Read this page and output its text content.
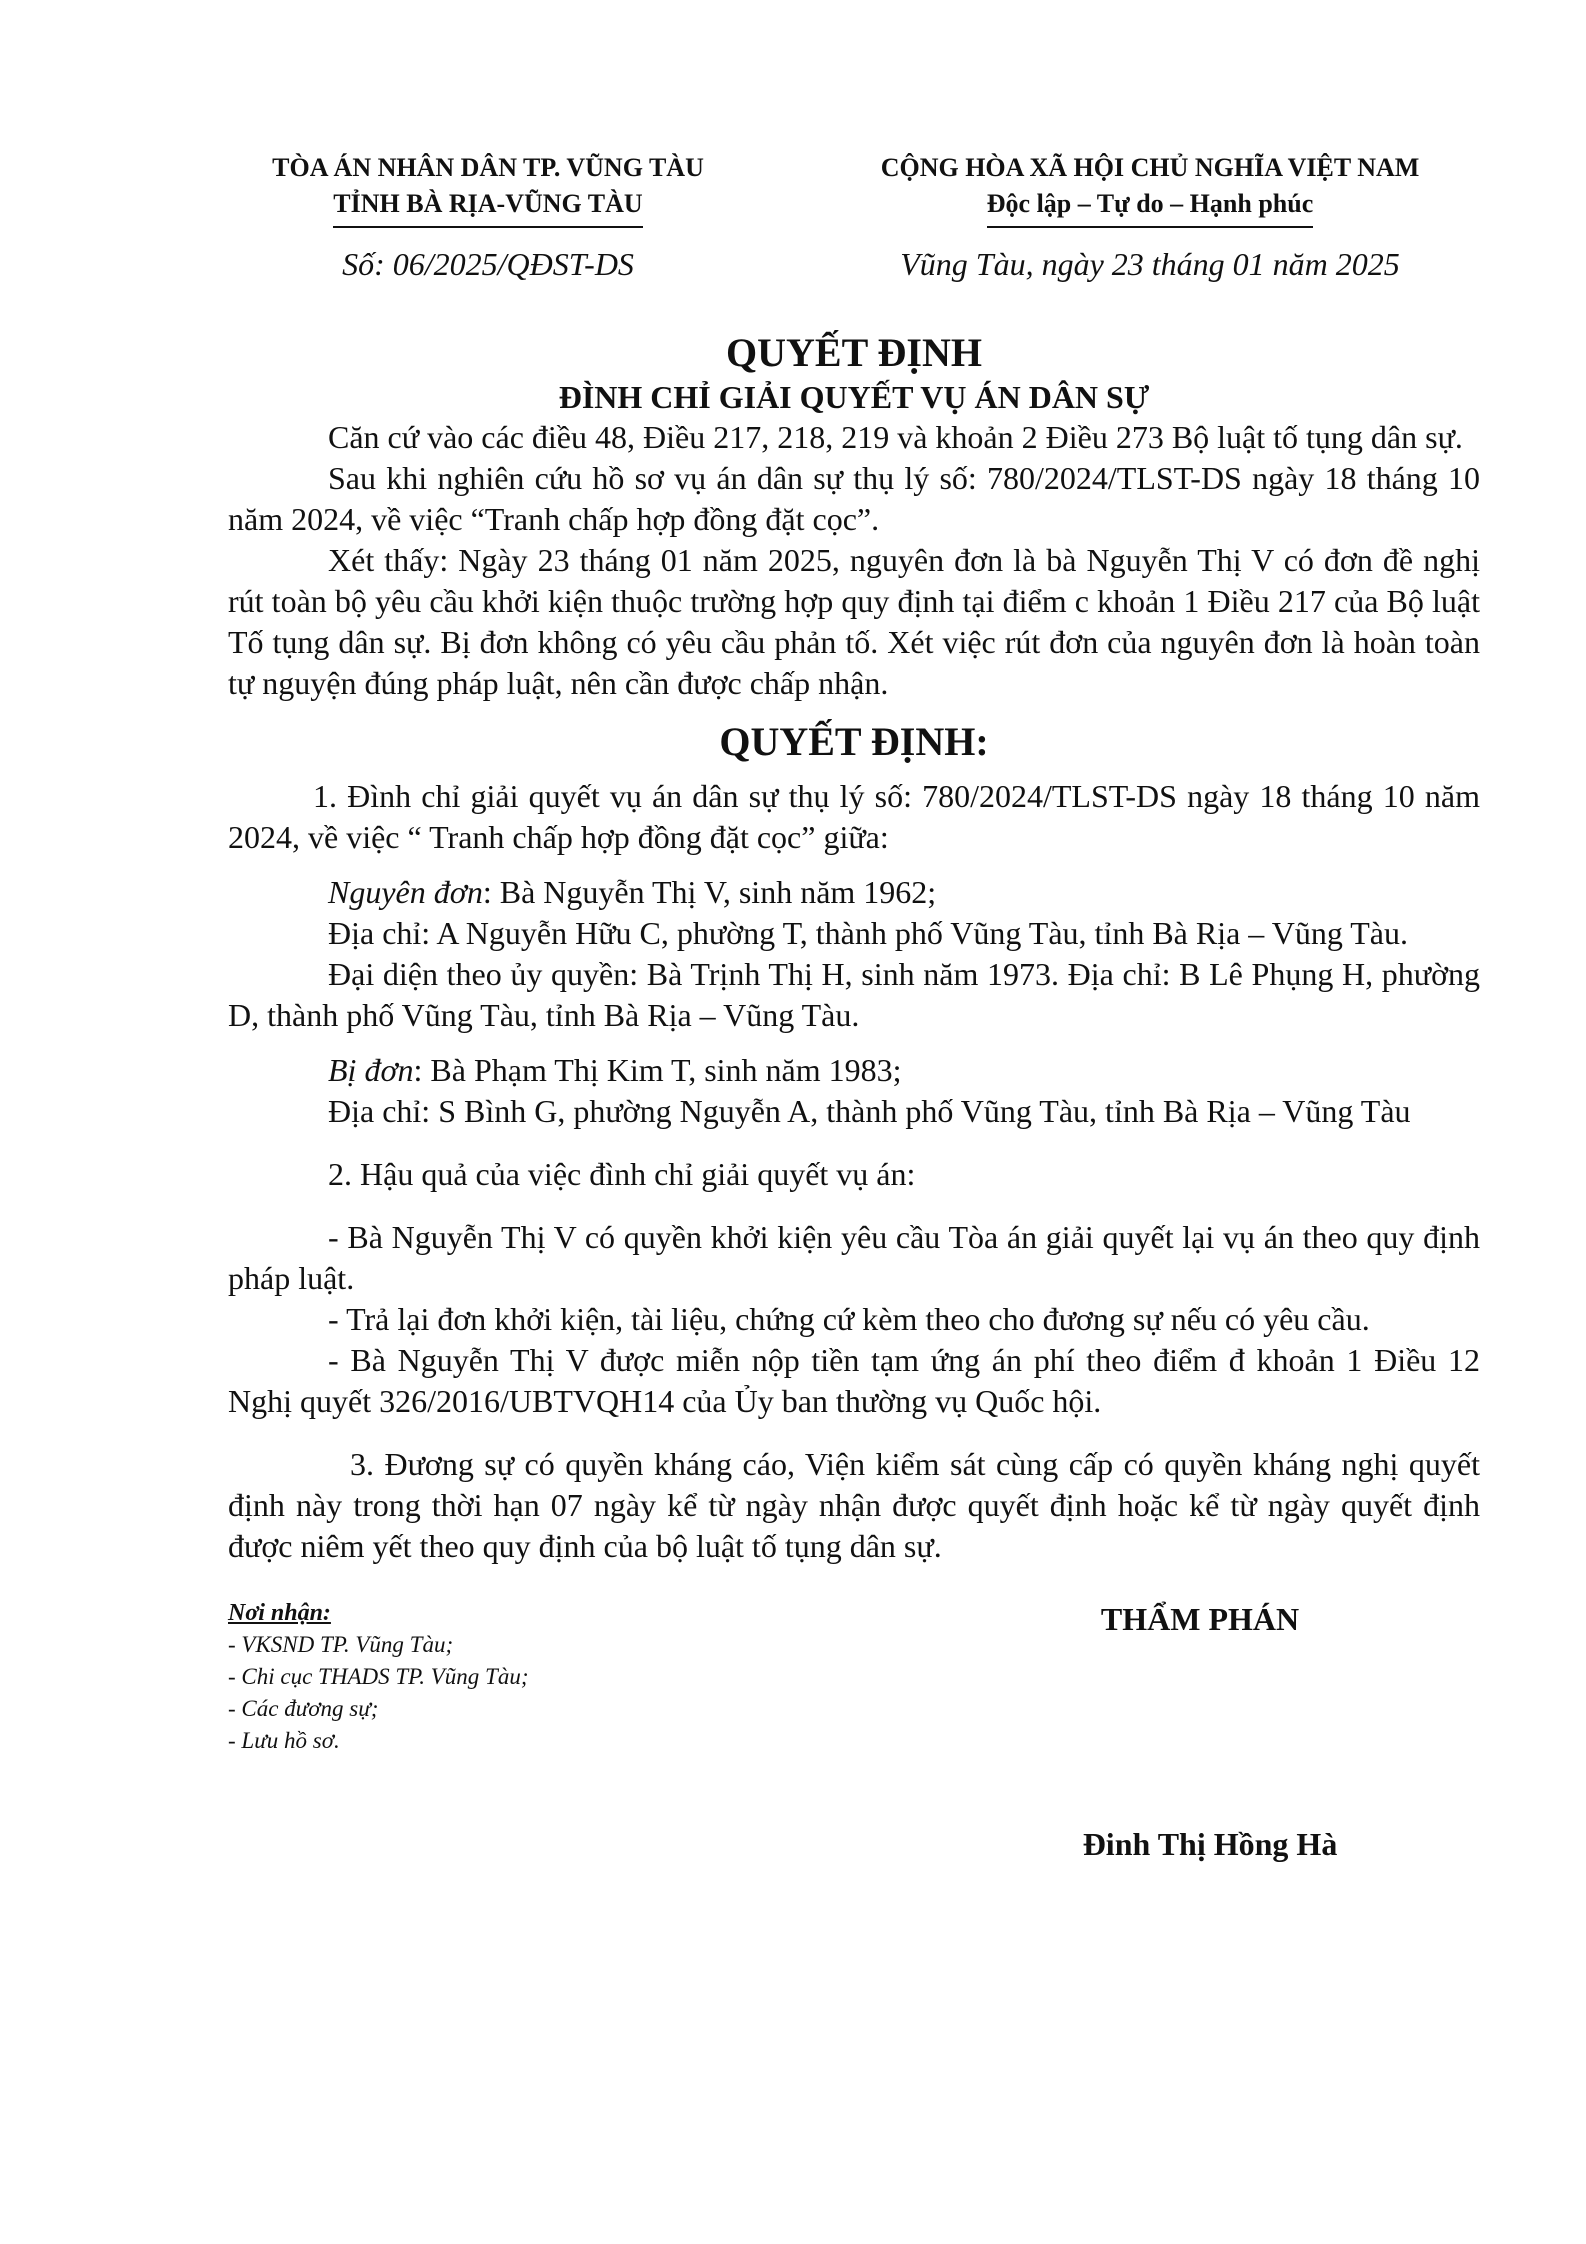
TÒA ÁN NHÂN DÂN TP. VŨNG TÀU
TỈNH BÀ RỊA-VŨNG TÀU
CỘNG HÒA XÃ HỘI CHỦ NGHĨA VIỆT NAM
Độc lập – Tự do – Hạnh phúc
Số: 06/2025/QĐST-DS	Vũng Tàu, ngày 23 tháng 01 năm 2025
QUYẾT ĐỊNH
ĐÌNH CHỈ GIẢI QUYẾT VỤ ÁN DÂN SỰ

Căn cứ vào các điều 48, Điều 217, 218, 219 và khoản 2 Điều 273 Bộ luật tố tụng dân sự.

Sau khi nghiên cứu hồ sơ vụ án dân sự thụ lý số: 780/2024/TLST-DS ngày 18 tháng 10 năm 2024, về việc “Tranh chấp hợp đồng đặt cọc”.

Xét thấy: Ngày 23 tháng 01 năm 2025, nguyên đơn là bà Nguyễn Thị V có đơn đề nghị rút toàn bộ yêu cầu khởi kiện thuộc trường hợp quy định tại điểm c khoản 1 Điều 217 của Bộ luật Tố tụng dân sự. Bị đơn không có yêu cầu phản tố. Xét việc rút đơn của nguyên đơn là hoàn toàn tự nguyện đúng pháp luật, nên cần được chấp nhận.

QUYẾT ĐỊNH:

1. Đình chỉ giải quyết vụ án dân sự thụ lý số: 780/2024/TLST-DS ngày 18 tháng 10 năm 2024, về việc “ Tranh chấp hợp đồng đặt cọc” giữa:

Nguyên đơn: Bà Nguyễn Thị V, sinh năm 1962;

Địa chỉ: A Nguyễn Hữu C, phường T, thành phố Vũng Tàu, tỉnh Bà Rịa – Vũng Tàu.

Đại diện theo ủy quyền: Bà Trịnh Thị H, sinh năm 1973. Địa chỉ: B Lê Phụng H, phường D, thành phố Vũng Tàu, tỉnh Bà Rịa – Vũng Tàu.

Bị đơn: Bà Phạm Thị Kim T, sinh năm 1983;

Địa chỉ: S Bình G, phường Nguyễn A, thành phố Vũng Tàu, tỉnh Bà Rịa – Vũng Tàu

2. Hậu quả của việc đình chỉ giải quyết vụ án:

- Bà Nguyễn Thị V có quyền khởi kiện yêu cầu Tòa án giải quyết lại vụ án theo quy định pháp luật.

- Trả lại đơn khởi kiện, tài liệu, chứng cứ kèm theo cho đương sự nếu có yêu cầu.

- Bà Nguyễn Thị V được miễn nộp tiền tạm ứng án phí theo điểm đ khoản 1 Điều 12 Nghị quyết 326/2016/UBTVQH14 của Ủy ban thường vụ Quốc hội.

3. Đương sự có quyền kháng cáo, Viện kiểm sát cùng cấp có quyền kháng nghị quyết định này trong thời hạn 07 ngày kể từ ngày nhận được quyết định hoặc kể từ ngày quyết định được niêm yết theo quy định của bộ luật tố tụng dân sự.

Nơi nhận:
- VKSND TP. Vũng Tàu;
- Chi cục THADS TP. Vũng Tàu;
- Các đương sự;
- Lưu hồ sơ.
THẨM PHÁN
Đinh Thị Hồng Hà
